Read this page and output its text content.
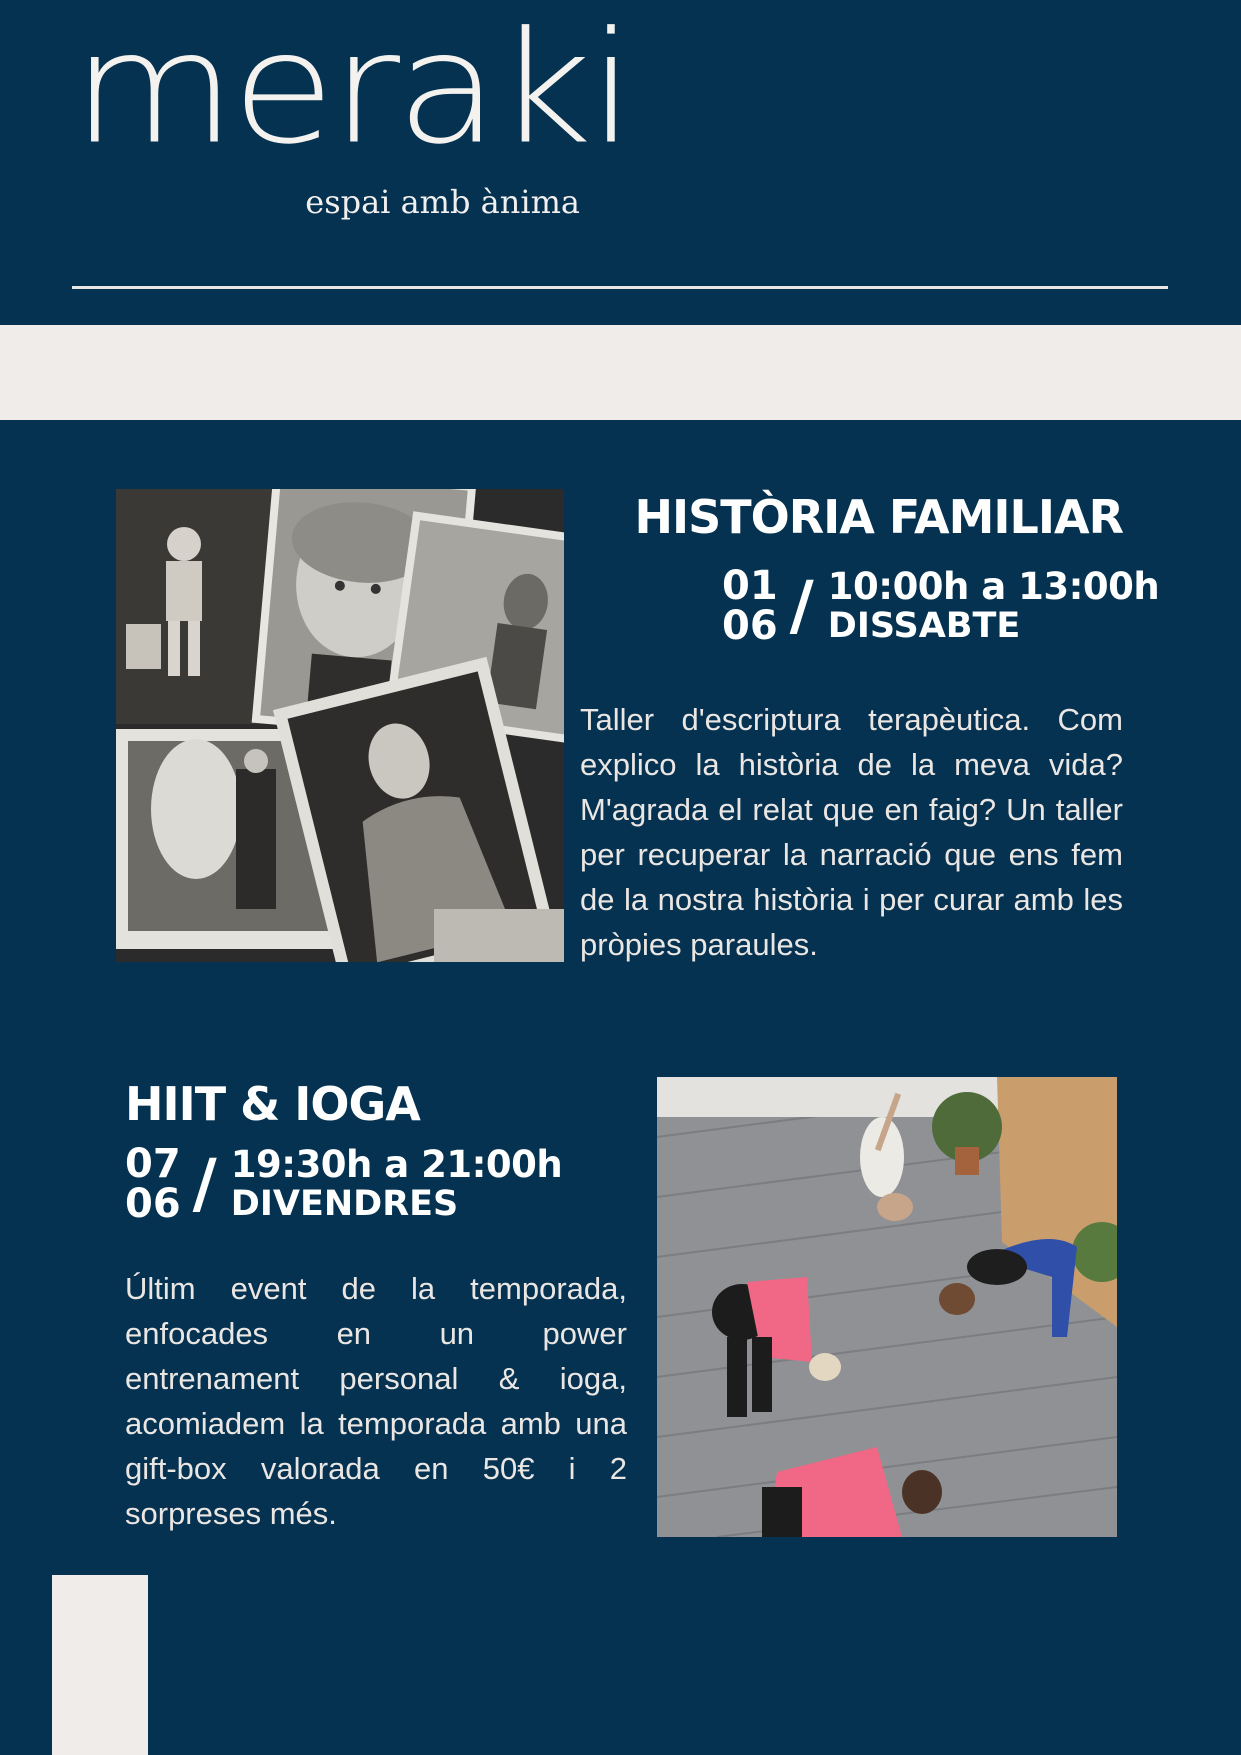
meraki
espai amb ànima
HISTÒRIA FAMILIAR
01
06 / 10:00h a 13:00h
DISSABTE
Taller d'escriptura terapèutica. Com explico la història de la meva vida? M'agrada el relat que en faig? Un taller per recuperar la narració que ens fem de la nostra història i per curar amb les pròpies paraules.
HIIT & IOGA
07
06 / 19:30h a 21:00h
DIVENDRES
Últim event de la temporada, enfocades en un power entrenament personal & ioga, acomiadem la temporada amb una gift-box valorada en 50€ i 2 sorpreses més.
